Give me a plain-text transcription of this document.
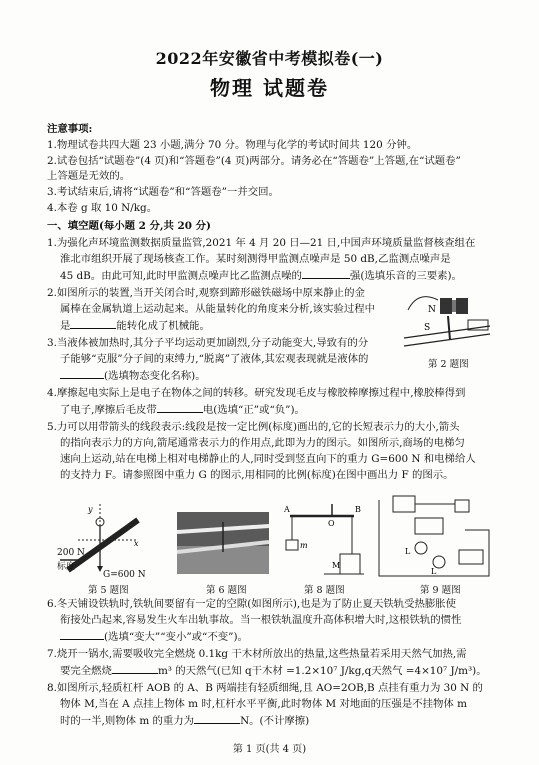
2022年安徽省中考模拟卷(一)
物理 试题卷
注意事项:
1.物理试卷共四大题 23 小题,满分 70 分。物理与化学的考试时间共 120 分钟。
2.试卷包括“试题卷”(4 页)和“答题卷”(4 页)两部分。请务必在“答题卷”上答题,在“试题卷”
上答题是无效的。
3.考试结束后,请将“试题卷”和“答题卷”一并交回。
4.本卷 g 取 10 N/kg。
一、填空题(每小题 2 分,共 20 分)
1.为强化声环境监测数据质量监管,2021 年 4 月 20 日—21 日,中国声环境质量监督核查组在
淮北市组织开展了现场核查工作。某时刻测得甲监测点噪声是 50 dB,乙监测点噪声是
45 dB。由此可知,此时甲监测点噪声比乙监测点噪的	强(选填乐音的三要素)。
2.如图所示的装置,当开关闭合时,观察到蹄形磁铁磁场中原来静止的金
属棒在金属轨道上运动起来。从能量转化的角度来分析,该实验过程中
是	能转化成了机械能。
3.当液体被加热时,其分子平均运动更加剧烈,分子动能变大,导致有的分
子能够“克服”分子间的束缚力,“脱离”了液体,其宏观表现就是液体的
(选填物态变化名称)。
N
S
第 2 题图
4.摩擦起电实际上是电子在物体之间的转移。研究发现毛皮与橡胶棒摩擦过程中,橡胶棒得到
了电子,摩擦后毛皮带	电(选填“正”或“负”)。
5.力可以用带箭头的线段表示:线段是按一定比例(标度)画出的,它的长短表示力的大小,箭头
的指向表示力的方向,箭尾通常表示力的作用点,此即为力的图示。如图所示,商场的电梯匀
速向上运动,站在电梯上相对电梯静止的人,同时受到竖直向下的重力 G=600 N 和电梯给人
的支持力 F。请参照图中重力 G 的图示,用相同的比例(标度)在图中画出力 F 的图示。
y
x
200 N
标度
G=600 N
第 5 题图	第 6 题图
A
O
B
m
M
第 8 题图
L
L
第 9 题图
6.冬天铺设铁轨时,铁轨间要留有一定的空隙(如图所示),也是为了防止夏天铁轨受热膨胀使
衔接处凸起来,容易发生火车出轨事故。当一根铁轨温度升高体积增大时,这根铁轨的惯性
(选填“变大”“变小”或“不变”)。
7.烧开一锅水,需要吸收完全燃烧 0.1kg 干木材所放出的热量,这些热量若采用天然气加热,需
要完全燃烧	m³ 的天然气(已知 q干木材 =1.2×10⁷ J/kg,q天然气 =4×10⁷ J/m³)。
8.如图所示,轻质杠杆 AOB 的 A、B 两端挂有轻质细绳,且 AO=2OB,B 点挂有重力为 30 N 的
物体 M,当在 A 点挂上物体 m 时,杠杆水平平衡,此时物体 M 对地面的压强是不挂物体 m
时的一半,则物体 m 的重力为	N。(不计摩擦)
第 1 页(共 4 页)
